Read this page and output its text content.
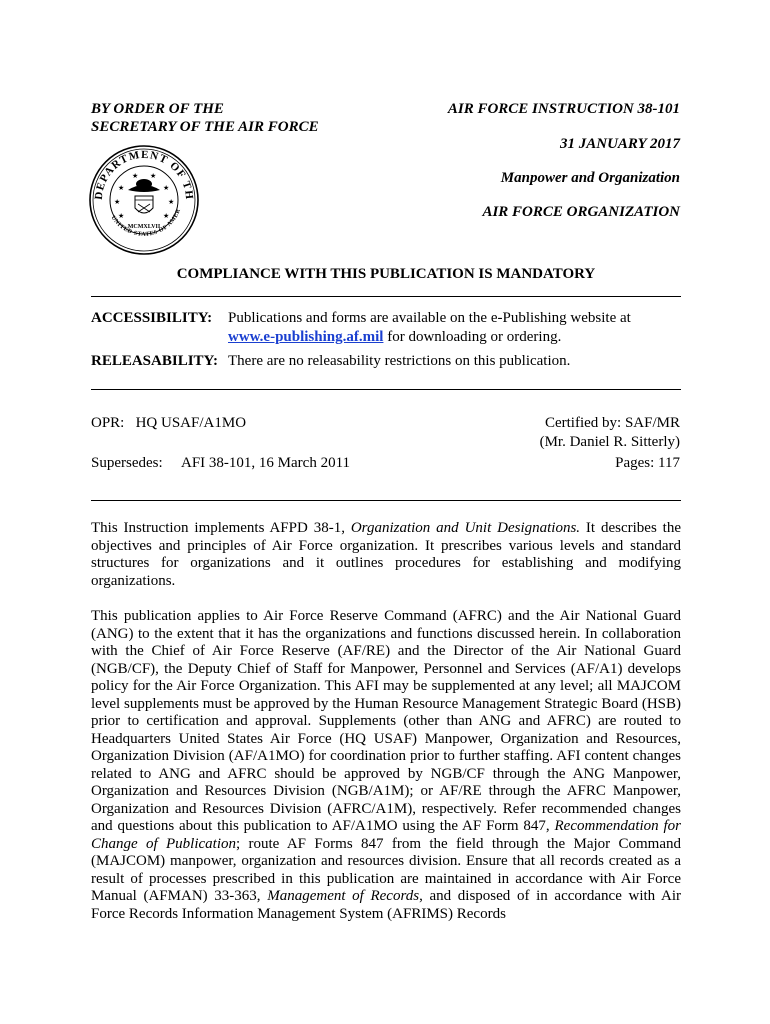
BY ORDER OF THE
SECRETARY OF THE AIR FORCE
AIR FORCE INSTRUCTION 38-101
31 JANUARY 2017
Manpower and Organization
AIR FORCE ORGANIZATION
DEPARTMENT OF TH
UNITED STATES OF AMER
★	★
★	★
★	★
★ ★
MCMXLVII
COMPLIANCE WITH THIS PUBLICATION IS MANDATORY
ACCESSIBILITY: Publications and forms are available on the e-Publishing website at
www.e-publishing.af.mil for downloading or ordering.
RELEASABILITY: There are no releasability restrictions on this publication.
OPR:   HQ USAF/A1MO	Certified by: SAF/MR
(Mr. Daniel R. Sitterly)
Supersedes: AFI 38-101, 16 March 2011	Pages: 117
This Instruction implements AFPD 38-1, Organization and Unit Designations. It describes the objectives and principles of Air Force organization. It prescribes various levels and standard structures for organizations and it outlines procedures for establishing and modifying organizations.
This publication applies to Air Force Reserve Command (AFRC) and the Air National Guard (ANG) to the extent that it has the organizations and functions discussed herein. In collaboration with the Chief of Air Force Reserve (AF/RE) and the Director of the Air National Guard (NGB/CF), the Deputy Chief of Staff for Manpower, Personnel and Services (AF/A1) develops policy for the Air Force Organization. This AFI may be supplemented at any level; all MAJCOM level supplements must be approved by the Human Resource Management Strategic Board (HSB) prior to certification and approval. Supplements (other than ANG and AFRC) are routed to Headquarters United States Air Force (HQ USAF) Manpower, Organization and Resources, Organization Division (AF/A1MO) for coordination prior to further staffing. AFI content changes related to ANG and AFRC should be approved by NGB/CF through the ANG Manpower, Organization and Resources Division (NGB/A1M); or AF/RE through the AFRC Manpower, Organization and Resources Division (AFRC/A1M), respectively. Refer recommended changes and questions about this publication to AF/A1MO using the AF Form 847, Recommendation for Change of Publication; route AF Forms 847 from the field through the Major Command (MAJCOM) manpower, organization and resources division. Ensure that all records created as a result of processes prescribed in this publication are maintained in accordance with Air Force Manual (AFMAN) 33-363, Management of Records, and disposed of in accordance with Air Force Records Information Management System (AFRIMS) Records
